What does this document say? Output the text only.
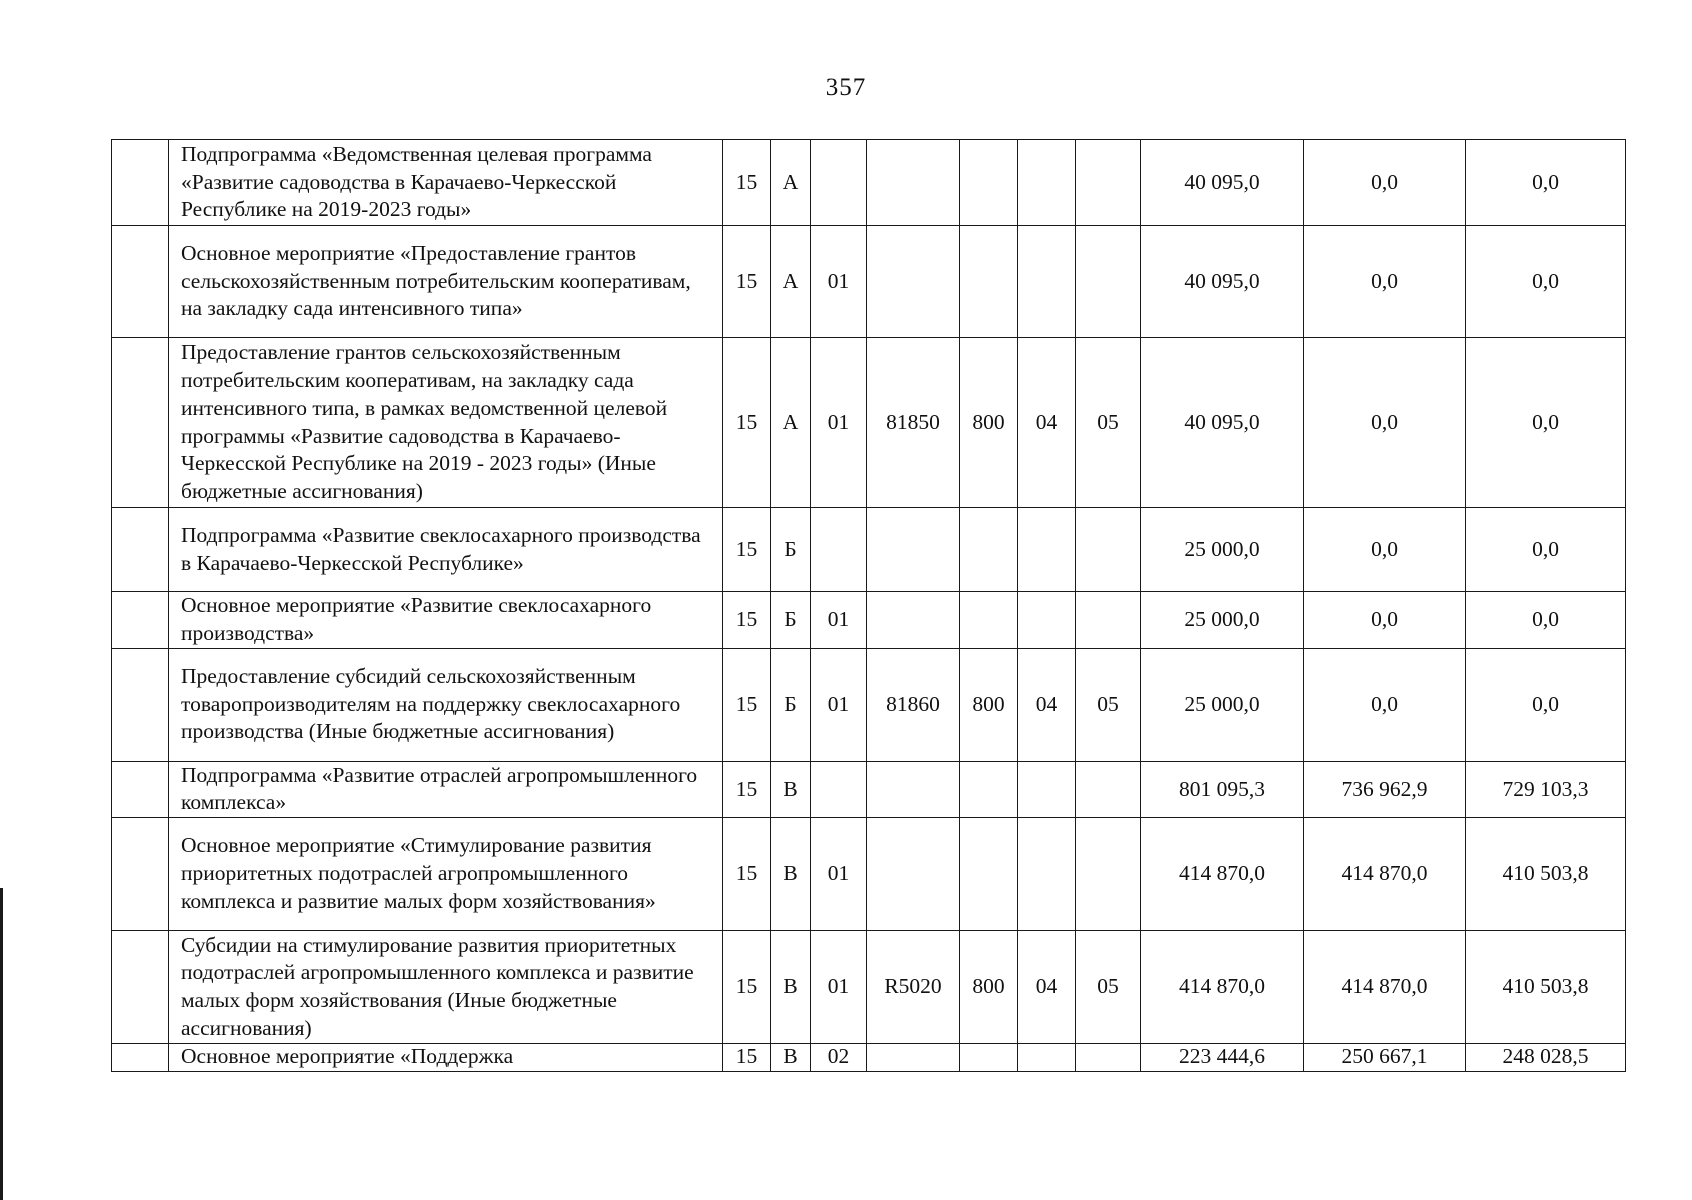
357
	Подпрограмма «Ведомственная целевая программа «Развитие садоводства в Карачаево-Черкесской Республике на 2019-2023 годы»	15	А						40 095,0	0,0	0,0
	Основное мероприятие «Предоставление грантов сельскохозяйственным потребительским кооперативам, на закладку сада интенсивного типа»	15	А	01					40 095,0	0,0	0,0
	Предоставление грантов сельскохозяйственным потребительским кооперативам, на закладку сада интенсивного типа, в рамках ведомственной целевой программы «Развитие садоводства в Карачаево-Черкесской Республике на 2019 - 2023 годы» (Иные бюджетные ассигнования)	15	А	01	81850	800	04	05	40 095,0	0,0	0,0
	Подпрограмма «Развитие свеклосахарного производства в Карачаево-Черкесской Республике»	15	Б						25 000,0	0,0	0,0
	Основное мероприятие «Развитие свеклосахарного производства»	15	Б	01					25 000,0	0,0	0,0
	Предоставление субсидий сельскохозяйственным товаропроизводителям на поддержку свеклосахарного производства (Иные бюджетные ассигнования)	15	Б	01	81860	800	04	05	25 000,0	0,0	0,0
	Подпрограмма «Развитие отраслей агропромышленного комплекса»	15	В						801 095,3	736 962,9	729 103,3
	Основное мероприятие «Стимулирование развития приоритетных подотраслей агропромышленного комплекса и развитие малых форм хозяйствования»	15	В	01					414 870,0	414 870,0	410 503,8
	Субсидии на стимулирование развития приоритетных подотраслей агропромышленного комплекса и развитие малых форм хозяйствования (Иные бюджетные ассигнования)	15	В	01	R5020	800	04	05	414 870,0	414 870,0	410 503,8
	Основное мероприятие «Поддержка	15	В	02					223 444,6	250 667,1	248 028,5
